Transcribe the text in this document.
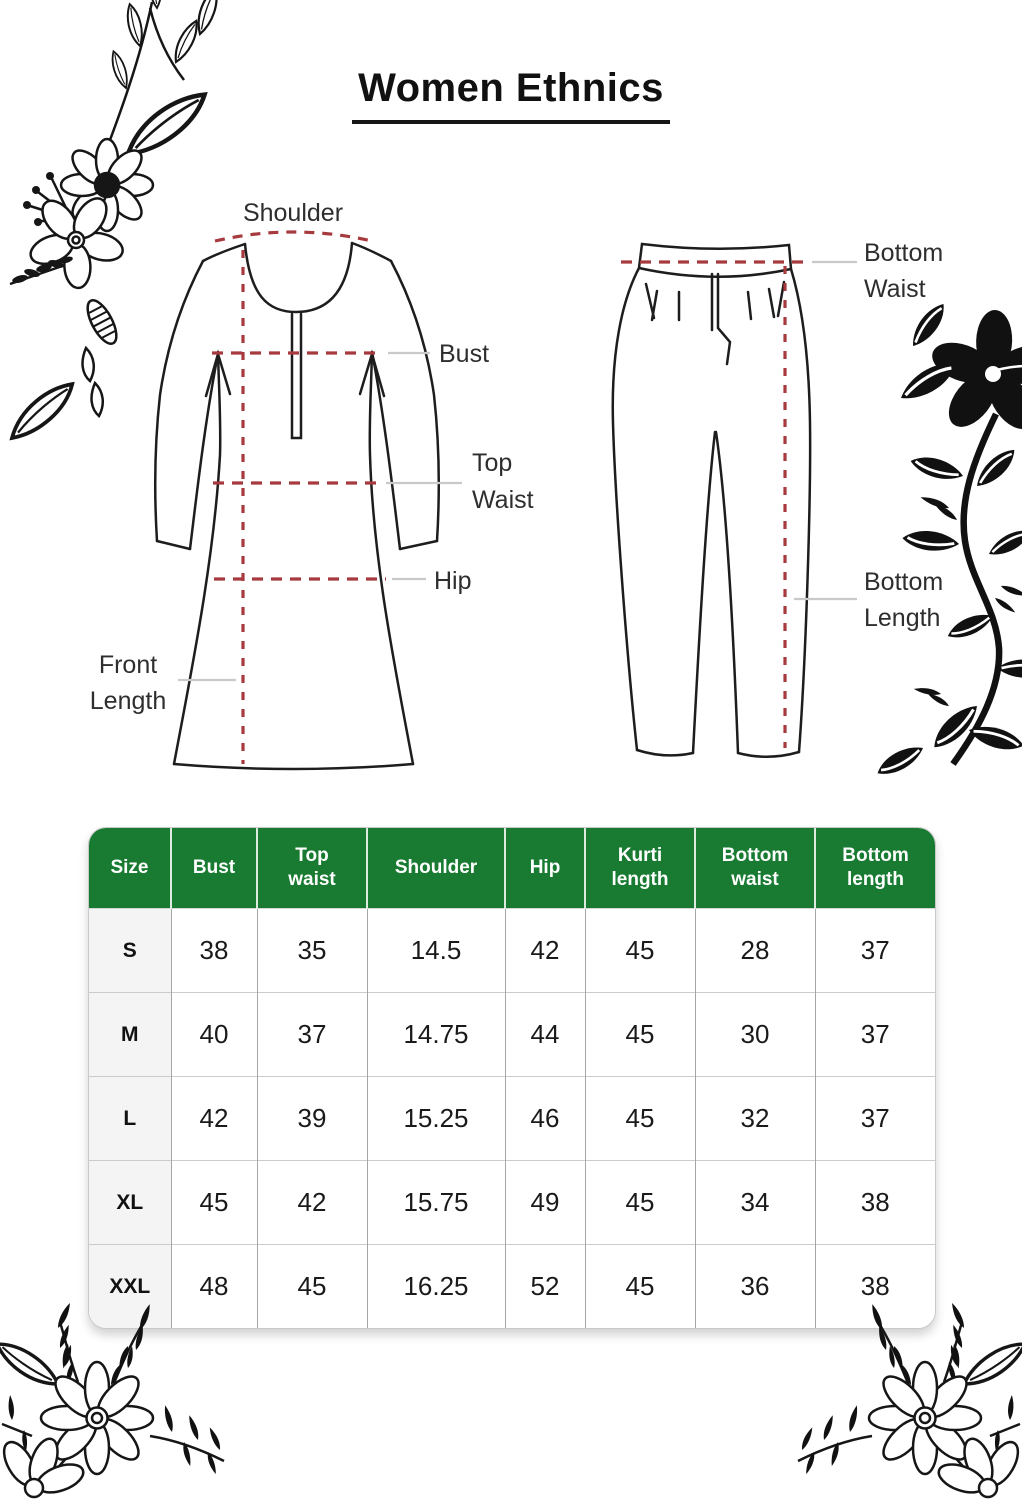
Women Ethnics
Shoulder
Bust
Top
Waist
Hip
Front
Length
Bottom
Waist
Bottom
Length
Size	Bust	Top waist	Shoulder	Hip	Kurti length	Bottom waist	Bottom length
S	38	35	14.5	42	45	28	37
M	40	37	14.75	44	45	30	37
L	42	39	15.25	46	45	32	37
XL	45	42	15.75	49	45	34	38
XXL	48	45	16.25	52	45	36	38
